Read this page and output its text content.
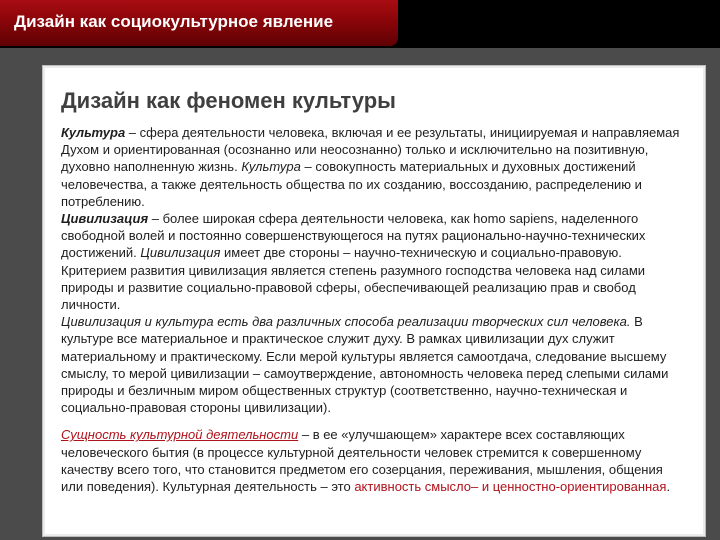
Дизайн как социокультурное явление
Дизайн как феномен культуры

Культура – сфера деятельности человека, включая и ее результаты, инициируемая и направляемая Духом и ориентированная (осознанно или неосознанно) только и исключительно на позитивную, духовно наполненную жизнь. Культура – совокупность материальных и духовных достижений человечества, а также деятельность общества по их созданию, воссозданию, распределению и потреблению.

Цивилизация – более широкая сфера деятельности человека, как homo sapiens, наделенного свободной волей и постоянно совершенствующегося на путях рационально-научно-технических достижений. Цивилизация имеет две стороны – научно-техническую и социально-правовую. Критерием развития цивилизация является степень разумного господства человека над силами природы и развитие социально-правовой сферы, обеспечивающей реализацию прав и свобод личности.

Цивилизация и культура есть два различных способа реализации творческих сил человека. В культуре все материальное и практическое служит духу. В рамках цивилизации дух служит материальному и практическому. Если мерой культуры является самоотдача, следование высшему смыслу, то мерой цивилизации – самоутверждение, автономность человека перед слепыми силами природы и безличным миром общественных структур (соответственно, научно-техническая и социально-правовая стороны цивилизации).

Сущность культурной деятельности – в ее «улучшающем» характере всех составляющих человеческого бытия (в процессе культурной деятельности человек стремится к совершенному качеству всего того, что становится предметом его созерцания, переживания, мышления, общения или поведения). Культурная деятельность – это активность смысло– и ценностно-ориентированная.
